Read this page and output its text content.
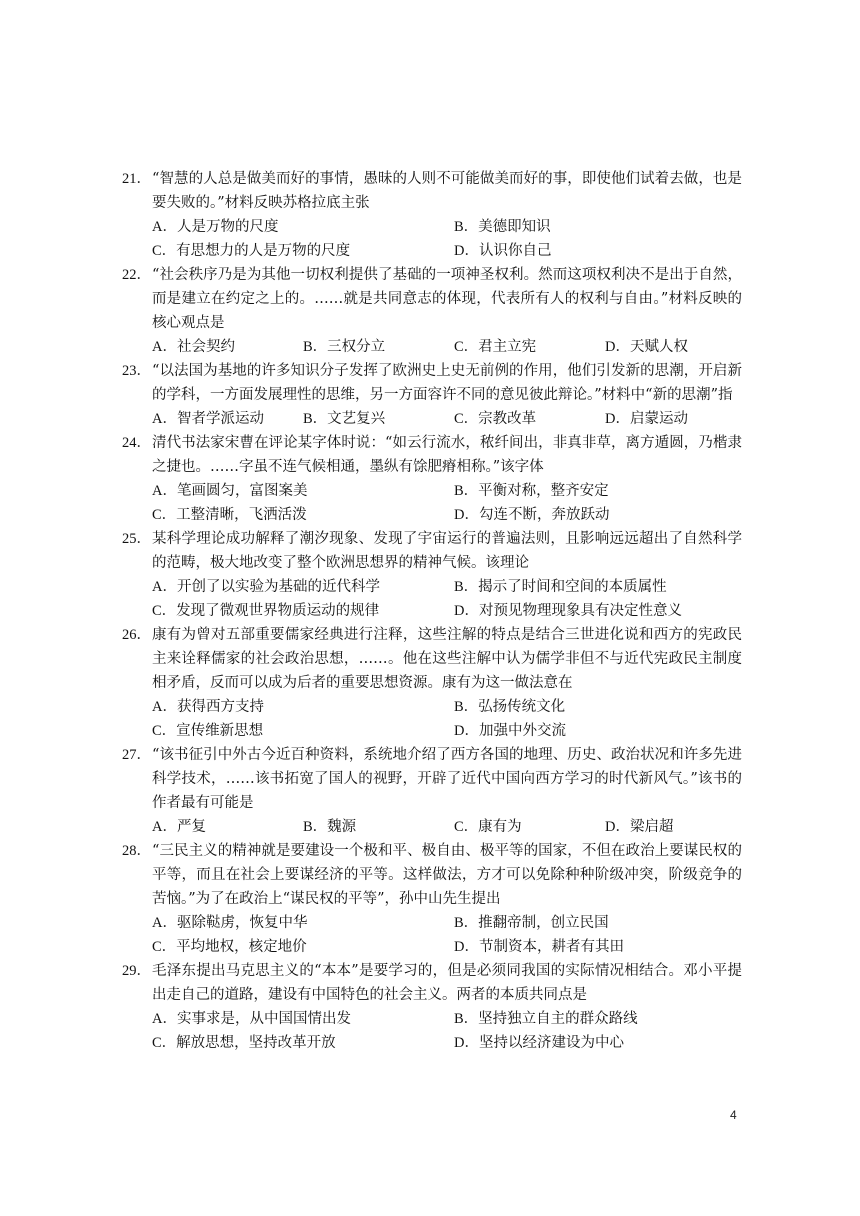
21． “智慧的人总是做美而好的事情，愚昧的人则不可能做美而好的事，即使他们试着去做，也是要失败的。”材料反映苏格拉底主张
A．人是万物的尺度	B．美德即知识
C．有思想力的人是万物的尺度	D．认识你自己
22． “社会秩序乃是为其他一切权利提供了基础的一项神圣权利。然而这项权利决不是出于自然，而是建立在约定之上的。……就是共同意志的体现，代表所有人的权利与自由。”材料反映的核心观点是
A．社会契约	B．三权分立	C．君主立宪	D．天赋人权
23． “以法国为基地的许多知识分子发挥了欧洲史上史无前例的作用，他们引发新的思潮，开启新的学科，一方面发展理性的思维，另一方面容许不同的意见彼此辩论。”材料中“新的思潮”指
A．智者学派运动	B．文艺复兴	C．宗教改革	D．启蒙运动
24． 清代书法家宋曹在评论某字体时说：“如云行流水，秾纤间出，非真非草，离方遁圆，乃楷隶之捷也。……字虽不连气候相通，墨纵有馀肥瘠相称。”该字体
A．笔画圆匀，富图案美	B．平衡对称，整齐安定
C．工整清晰，飞洒活泼	D．勾连不断，奔放跃动
25． 某科学理论成功解释了潮汐现象、发现了宇宙运行的普遍法则，且影响远远超出了自然科学的范畴，极大地改变了整个欧洲思想界的精神气候。该理论
A．开创了以实验为基础的近代科学	B．揭示了时间和空间的本质属性
C．发现了微观世界物质运动的规律	D．对预见物理现象具有决定性意义
26． 康有为曾对五部重要儒家经典进行注释，这些注解的特点是结合三世进化说和西方的宪政民主来诠释儒家的社会政治思想，……。他在这些注解中认为儒学非但不与近代宪政民主制度相矛盾，反而可以成为后者的重要思想资源。康有为这一做法意在
A．获得西方支持	B．弘扬传统文化
C．宣传维新思想	D．加强中外交流
27． “该书征引中外古今近百种资料，系统地介绍了西方各国的地理、历史、政治状况和许多先进科学技术，……该书拓宽了国人的视野，开辟了近代中国向西方学习的时代新风气。”该书的作者最有可能是
A．严复	B．魏源	C．康有为	D．梁启超
28． “三民主义的精神就是要建设一个极和平、极自由、极平等的国家，不但在政治上要谋民权的平等，而且在社会上要谋经济的平等。这样做法，方才可以免除种种阶级冲突，阶级竞争的苦恼。”为了在政治上“谋民权的平等”，孙中山先生提出
A．驱除鞑虏，恢复中华	B．推翻帝制，创立民国
C．平均地权，核定地价	D．节制资本，耕者有其田
29． 毛泽东提出马克思主义的“本本”是要学习的，但是必须同我国的实际情况相结合。邓小平提出走自己的道路，建设有中国特色的社会主义。两者的本质共同点是
A．实事求是，从中国国情出发	B．坚持独立自主的群众路线
C．解放思想，坚持改革开放	D．坚持以经济建设为中心
4
